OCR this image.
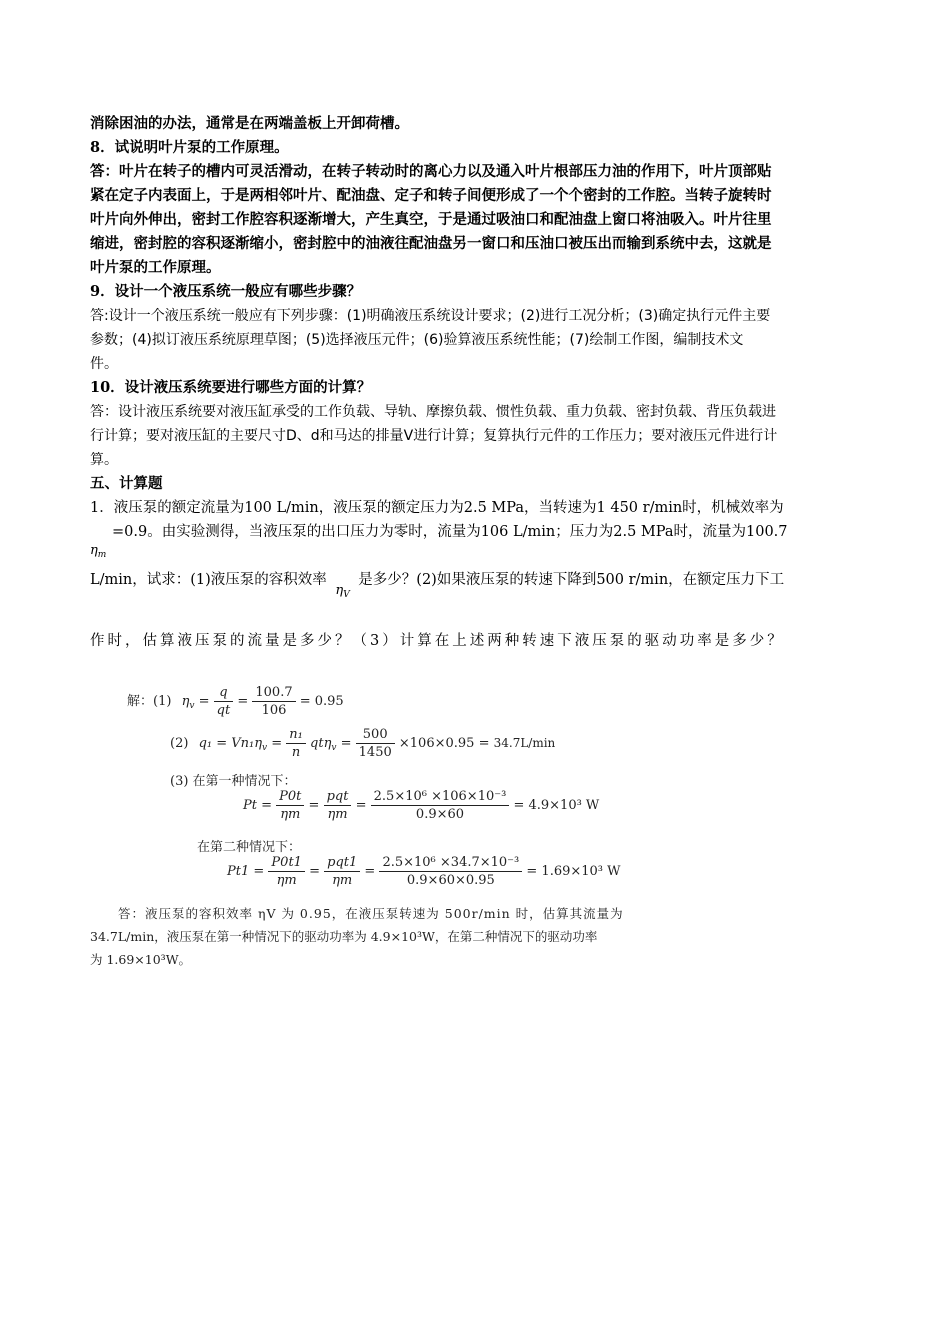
消除困油的办法，通常是在两端盖板上开卸荷槽。
8．试说明叶片泵的工作原理。
答：叶片在转子的槽内可灵活滑动，在转子转动时的离心力以及通入叶片根部压力油的作用下，叶片顶部贴
紧在定子内表面上，于是两相邻叶片、配油盘、定子和转子间便形成了一个个密封的工作腔。当转子旋转时
叶片向外伸出，密封工作腔容积逐渐增大，产生真空，于是通过吸油口和配油盘上窗口将油吸入。叶片往里
缩进，密封腔的容积逐渐缩小，密封腔中的油液往配油盘另一窗口和压油口被压出而输到系统中去，这就是
叶片泵的工作原理。
9．设计一个液压系统一般应有哪些步骤？
答:设计一个液压系统一般应有下列步骤：(1)明确液压系统设计要求；(2)进行工况分析；(3)确定执行元件主要
参数；(4)拟订液压系统原理草图；(5)选择液压元件；(6)验算液压系统性能；(7)绘制工作图，编制技术文
件。
10．设计液压系统要进行哪些方面的计算？
答：设计液压系统要对液压缸承受的工作负载、导轨、摩擦负载、惯性负载、重力负载、密封负载、背压负载进
行计算；要对液压缸的主要尺寸D、d和马达的排量V进行计算；复算执行元件的工作压力；要对液压元件进行计
算。
五、计算题
1．液压泵的额定流量为100 L/min，液压泵的额定压力为2.5 MPa，当转速为1 450 r/min时，机械效率为
=0.9。由实验测得，当液压泵的出口压力为零时，流量为106 L/min；压力为2.5 MPa时，流量为100.7
$\eta_m$
L/min，试求：(1)液压泵的容积效率 $\eta_V$ 是多少？(2)如果液压泵的转速下降到500 r/min，在额定压力下工
作时，估算液压泵的流量是多少？（3）计算在上述两种转速下液压泵的驱动功率是多少？
解：(1) $\eta_v = \frac{q}{qt} = \frac{100.7}{106} = 0.95$
(2) $q_1 = Vn_1\eta_v = \frac{\text{n₁}}{n} qt\eta_v = \frac{500}{1450} \times 106\times 0.95 = 34.7L/\min$
(3) 在第一种情况下：
$Pt = \frac{P0t}{\eta m} = \frac{\text{pqt}}{\eta m} = \frac{\text{2.5×10⁶ ×106×10⁻³}}{0.9\times 60} = 4.9\times 10^3$ W
在第二种情况下：
$Pt1 = \frac{P0t1}{\eta m} = \frac{\text{pqt1}}{\eta m} = \frac{\text{2.5×10⁶ ×34.7×10⁻³}}{0.9\times 60\times 0.95} = 1.69\times 10^3$ W
答：液压泵的容积效率 ηV 为 0.95，在液压泵转速为 500r/min 时，估算其流量为
34.7L/min，液压泵在第一种情况下的驱动功率为 4.9×10³W，在第二种情况下的驱动功率
为 1.69×10³W。
